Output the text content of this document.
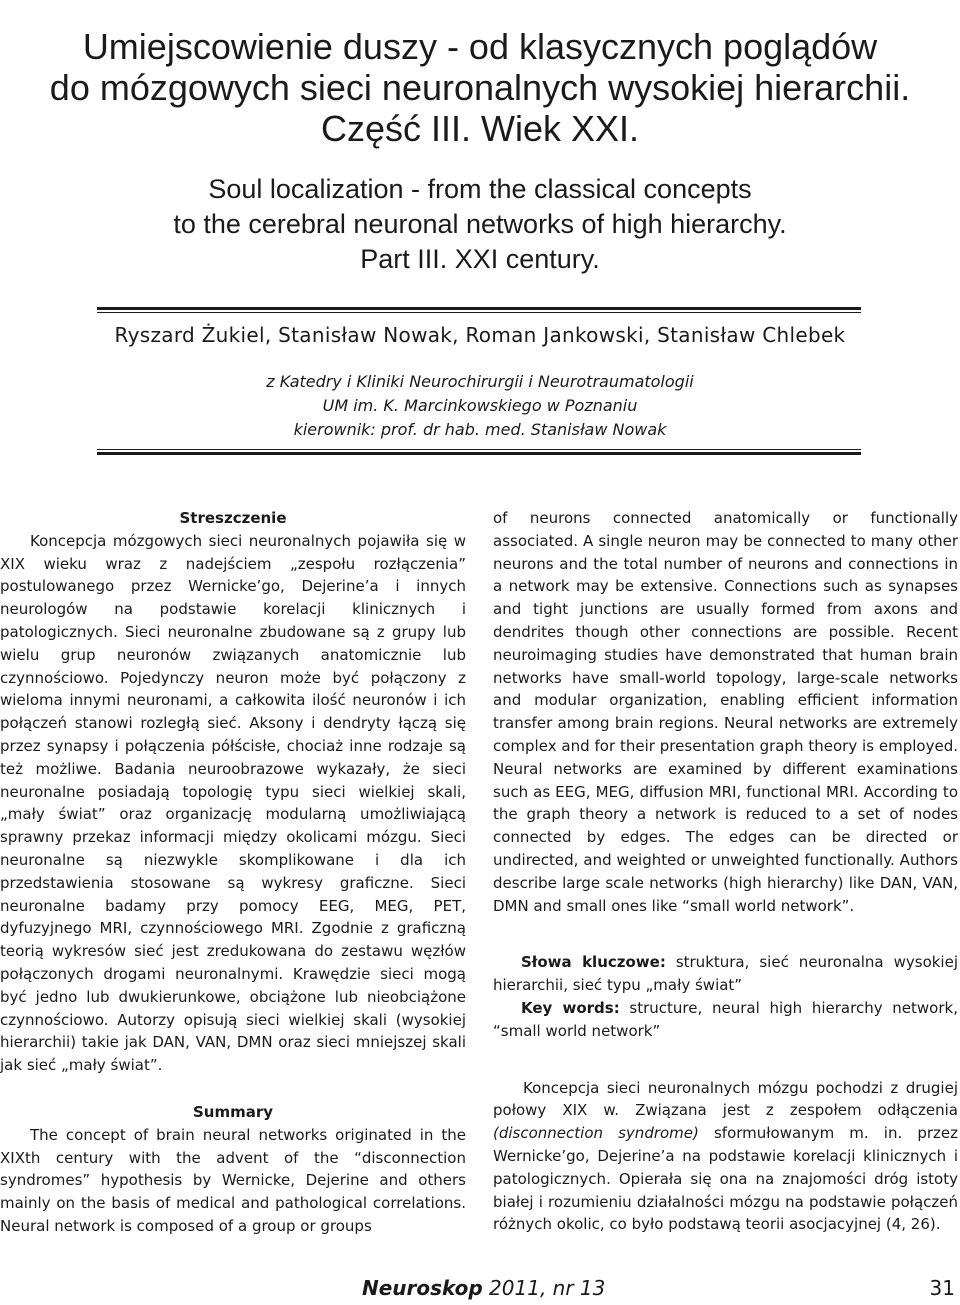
Umiejscowienie duszy - od klasycznych poglądów
do mózgowych sieci neuronalnych wysokiej hierarchii.
Część III. Wiek XXI.
Soul localization - from the classical concepts
to the cerebral neuronal networks of high hierarchy.
Part III. XXI century.
Ryszard Żukiel, Stanisław Nowak, Roman Jankowski, Stanisław Chlebek
z Katedry i Kliniki Neurochirurgii i Neurotraumatologii
UM im. K. Marcinkowskiego w Poznaniu
kierownik: prof. dr hab. med. Stanisław Nowak

Streszczenie

Koncepcja mózgowych sieci neuronalnych pojawiła się w XIX wieku wraz z nadejściem „zespołu rozłączenia” postulowanego przez Wernicke’go, Dejerine’a i innych neurologów na podstawie korelacji klinicznych i patologicznych. Sieci neuronalne zbudowane są z grupy lub wielu grup neuronów związanych anatomicznie lub czynnościowo. Pojedynczy neuron może być połączony z wieloma innymi neuronami, a całkowita ilość neuronów i ich połączeń stanowi rozległą sieć. Aksony i dendryty łączą się przez synapsy i połączenia półścisłe, chociaż inne rodzaje są też możliwe. Badania neuroobrazowe wykazały, że sieci neuronalne posiadają topologię typu sieci wielkiej skali, „mały świat” oraz organizację modularną umożliwiającą sprawny przekaz informacji między okolicami mózgu. Sieci neuronalne są niezwykle skomplikowane i dla ich przedstawienia stosowane są wykresy graficzne. Sieci neuronalne badamy przy pomocy EEG, MEG, PET, dyfuzyjnego MRI, czynnościowego MRI. Zgodnie z graficzną teorią wykresów sieć jest zredukowana do zestawu węzłów połączonych drogami neuronalnymi. Krawędzie sieci mogą być jedno lub dwukierunkowe, obciążone lub nieobciążone czynnościowo. Autorzy opisują sieci wielkiej skali (wysokiej hierarchii) takie jak DAN, VAN, DMN oraz sieci mniejszej skali jak sieć „mały świat”.

Summary

The concept of brain neural networks originated in the XIXth century with the advent of the “disconnection syndromes” hypothesis by Wernicke, Dejerine and others mainly on the basis of medical and pathological correlations. Neural network is composed of a group or groups

of neurons connected anatomically or functionally associated. A single neuron may be connected to many other neurons and the total number of neurons and connections in a network may be extensive. Connections such as synapses and tight junctions are usually formed from axons and dendrites though other connections are possible. Recent neuroimaging studies have demonstrated that human brain networks have small-world topology, large-scale networks and modular organization, enabling efficient information transfer among brain regions. Neural networks are extremely complex and for their presentation graph theory is employed. Neural networks are examined by different examinations such as EEG, MEG, diffusion MRI, functional MRI. According to the graph theory a network is reduced to a set of nodes connected by edges. The edges can be directed or undirected, and weighted or unweighted functionally. Authors describe large scale networks (high hierarchy) like DAN, VAN, DMN and small ones like “small world network”.

Słowa kluczowe: struktura, sieć neuronalna wysokiej hierarchii, sieć typu „mały świat”

Key words: structure, neural high hierarchy network, “small world network”

Koncepcja sieci neuronalnych mózgu pochodzi z drugiej połowy XIX w. Związana jest z zespołem odłączenia (disconnection syndrome) sformułowanym m. in. przez Wernicke’go, Dejerine’a na podstawie korelacji klinicznych i patologicznych. Opierała się ona na znajomości dróg istoty białej i rozumieniu działalności mózgu na podstawie połączeń różnych okolic, co było podstawą teorii asocjacyjnej (4, 26).

Neuroskop 2011, nr 13	31
